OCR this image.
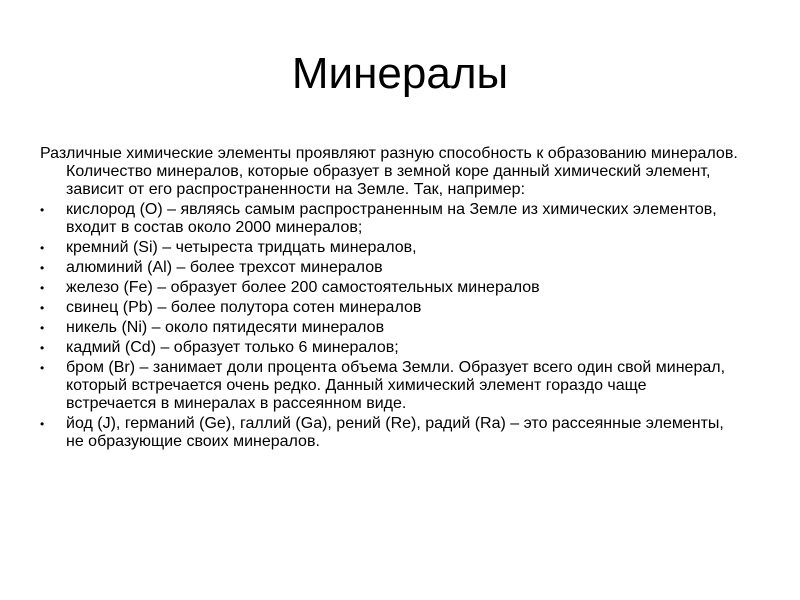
Минералы

Различные химические элементы проявляют разную способность к образованию минералов. Количество минералов, которые образует в земной коре данный химический элемент, зависит от его распространенности на Земле. Так, например:

•	кислород (O) – являясь самым распространенным на Земле из химических элементов, входит в состав около 2000 минералов;
•	кремний (Si) – четыреста тридцать минералов,
•	алюминий (Al) – более трехсот минералов
•	железо (Fe) – образует более 200 самостоятельных минералов
•	свинец (Pb) – более полутора сотен минералов
•	никель (Ni) – около пятидесяти минералов
•	кадмий (Cd) – образует только 6 минералов;
•	бром (Br) – занимает доли процента объема Земли. Образует всего один свой минерал, который встречается очень редко. Данный химический элемент гораздо чаще встречается в минералах в рассеянном виде.
•	йод (J), германий (Ge), галлий (Ga), рений (Re), радий (Ra) – это рассеянные элементы, не образующие своих минералов.
